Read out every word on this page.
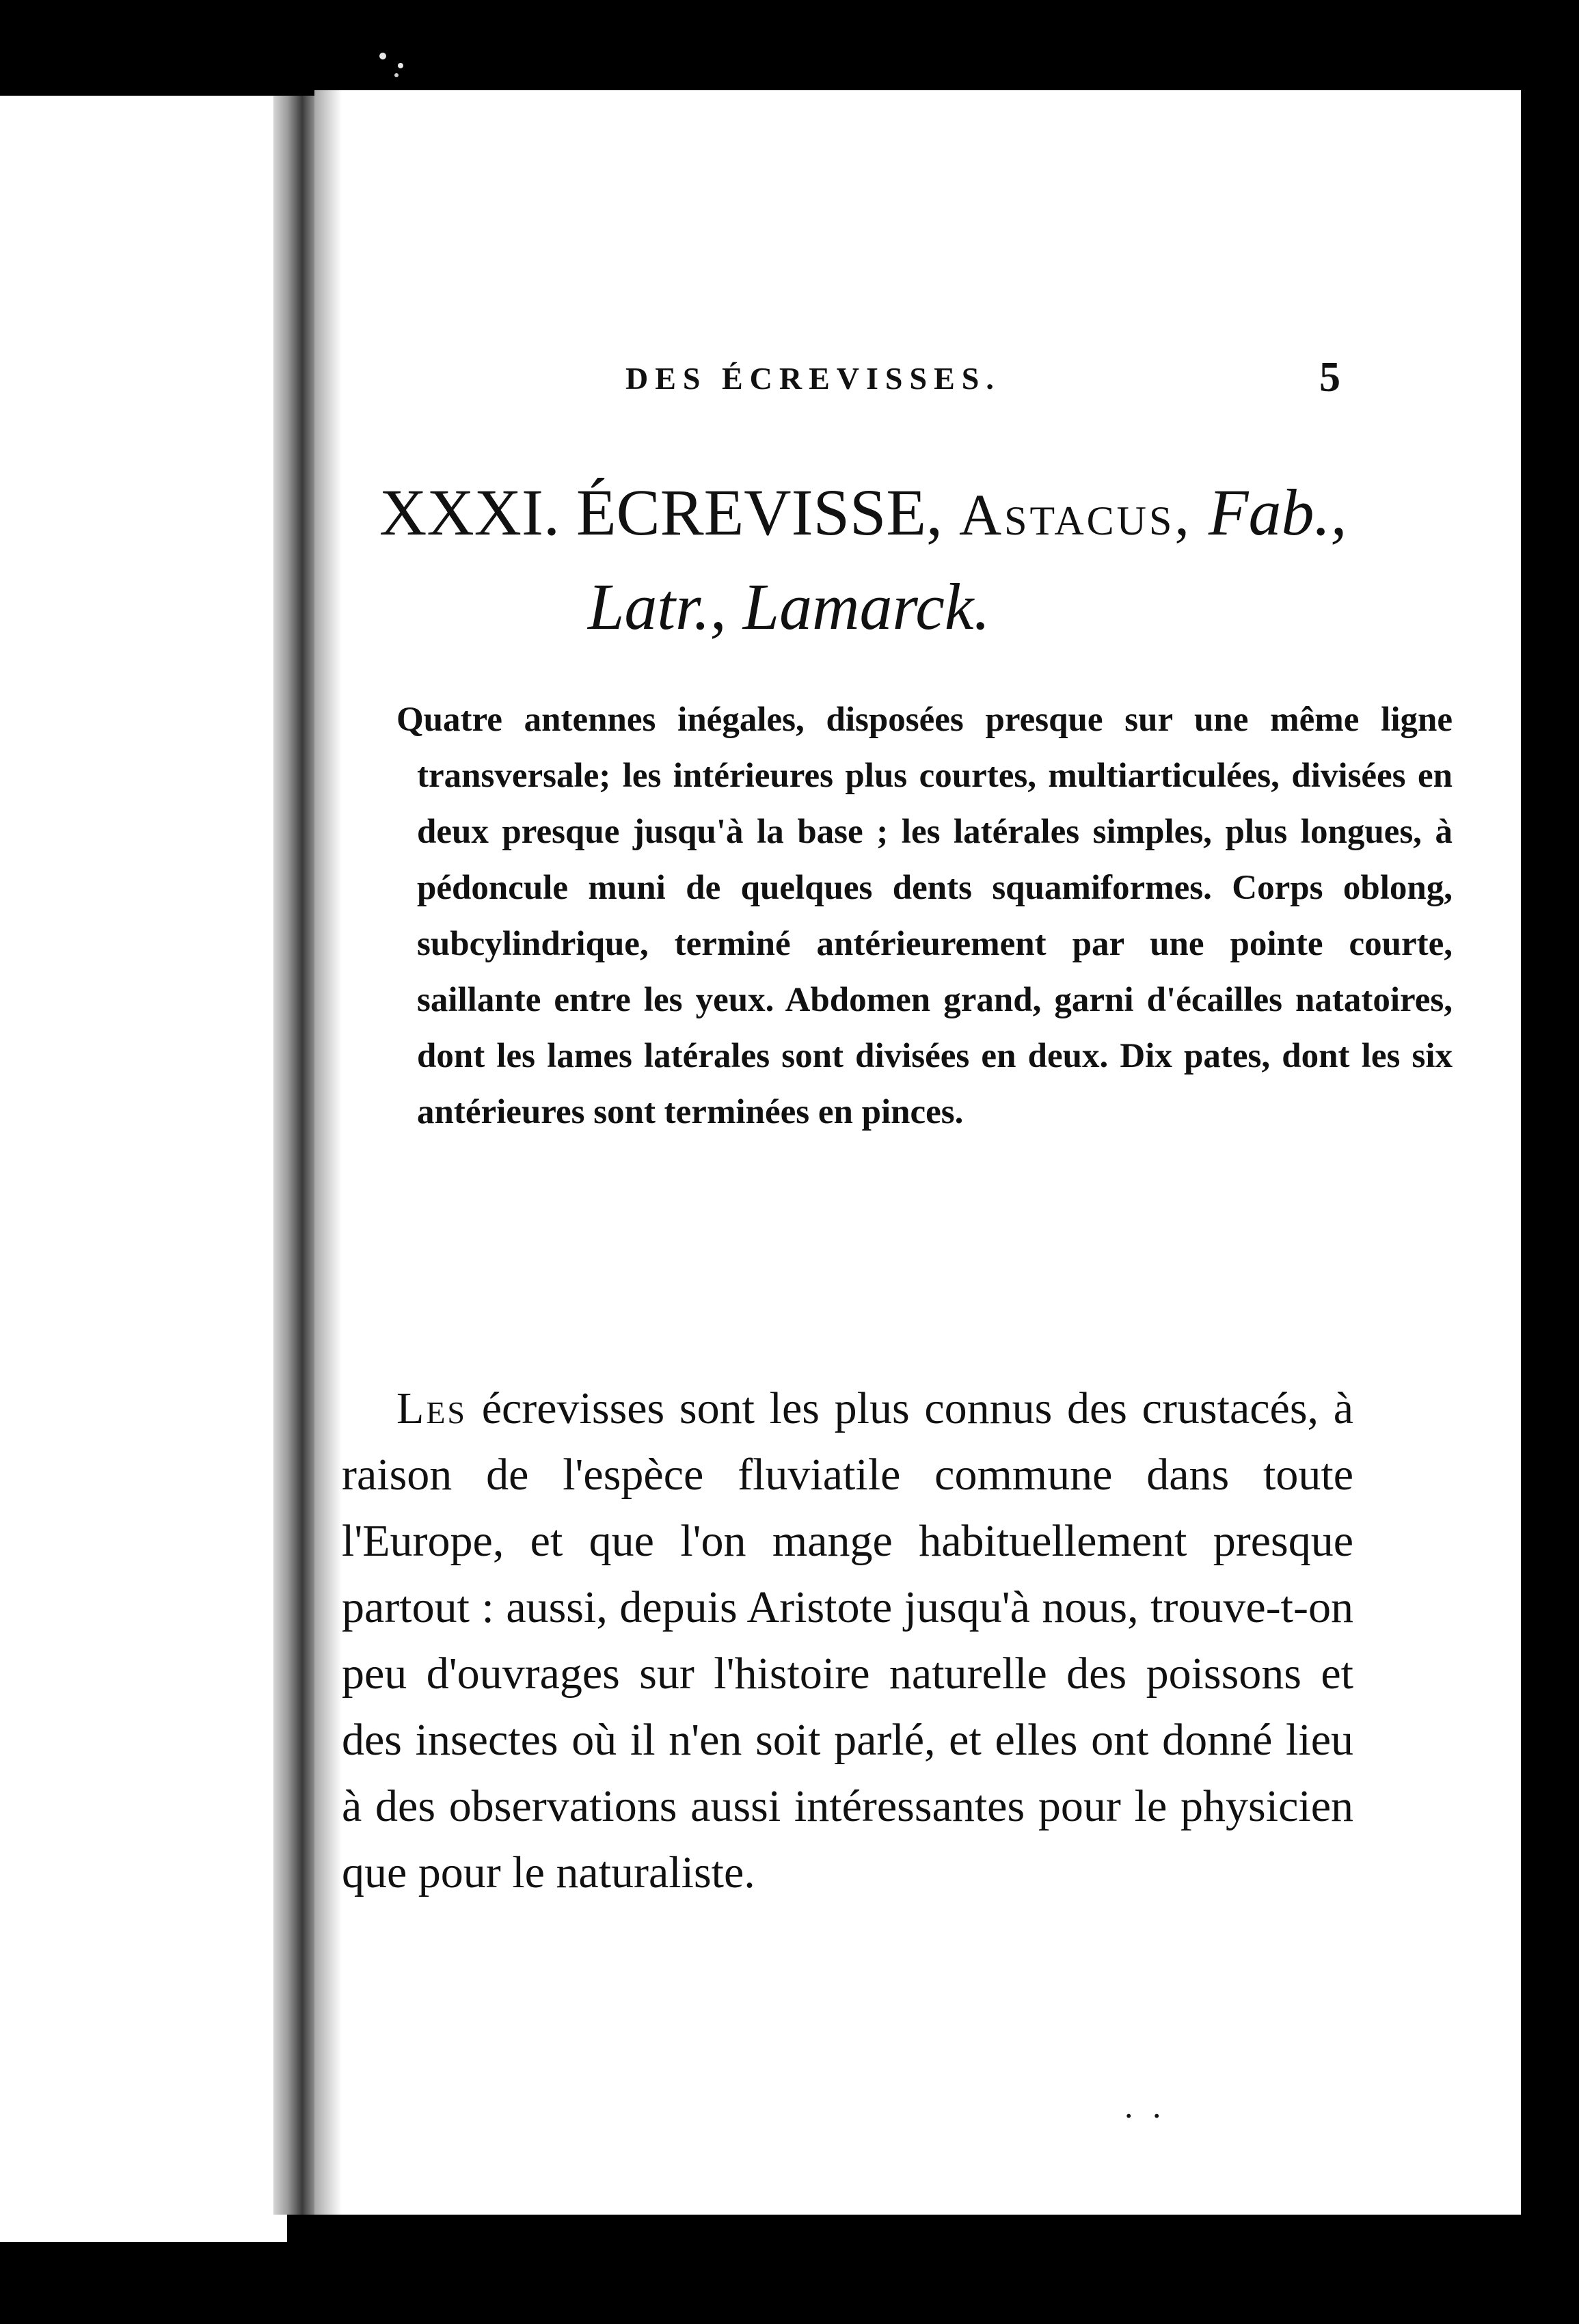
DES ÉCREVISSES.	5
XXXI. ÉCREVISSE, Astacus, Fab.,
Latr., Lamarck.
Quatre antennes inégales, disposées presque sur une même ligne transversale; les intérieures plus courtes, multiarticulées, divisées en deux presque jusqu'à la base ; les latérales simples, plus longues, à pédoncule muni de quelques dents squamiformes. Corps oblong, subcylindrique, terminé antérieurement par une pointe courte, saillante entre les yeux. Abdomen grand, garni d'écailles natatoires, dont les lames latérales sont divisées en deux. Dix pates, dont les six antérieures sont terminées en pinces.
Les écrevisses sont les plus connus des crustacés, à raison de l'espèce fluviatile commune dans toute l'Europe, et que l'on mange habituellement presque partout : aussi, depuis Aristote jusqu'à nous, trouve-t-on peu d'ouvrages sur l'histoire naturelle des poissons et des insectes où il n'en soit parlé, et elles ont donné lieu à des observations aussi intéressantes pour le physicien que pour le naturaliste.
. .
